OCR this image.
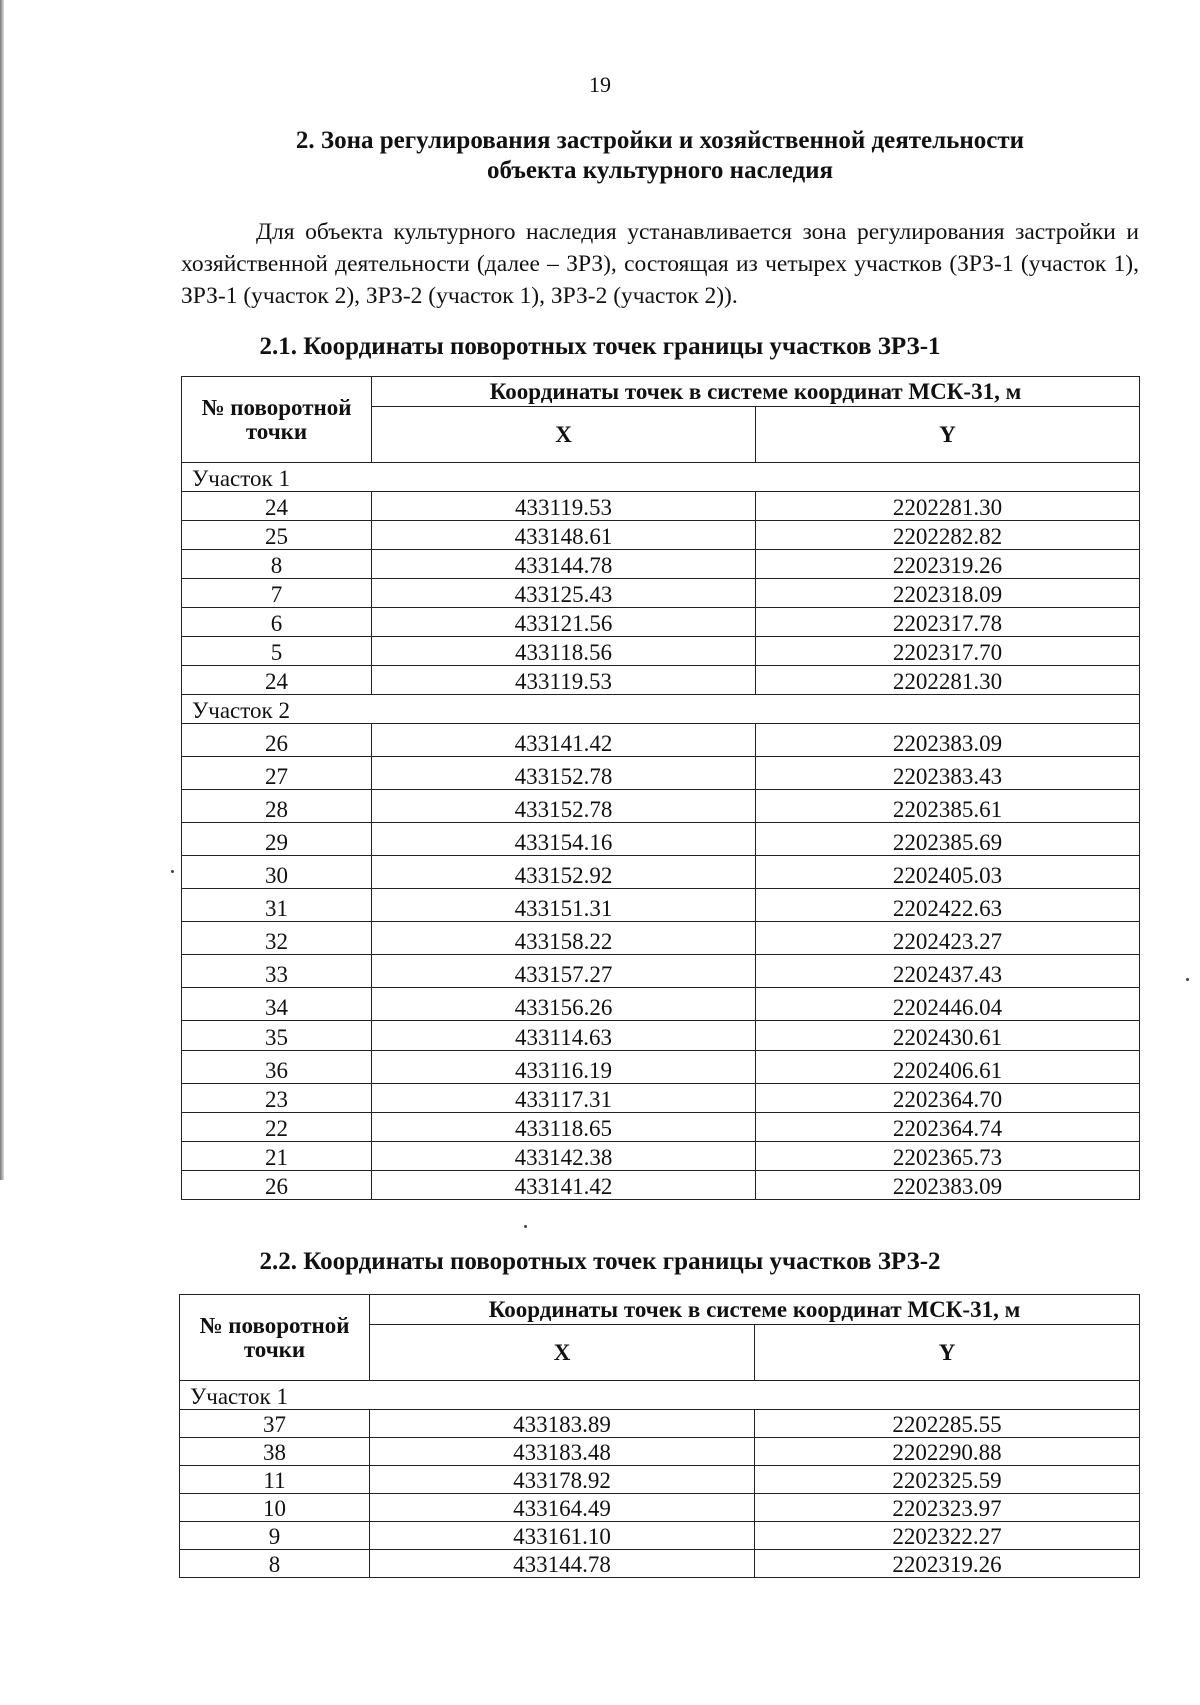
19
2. Зона регулирования застройки и хозяйственной деятельности
объекта культурного наследия

Для объекта культурного наследия устанавливается зона регулирования застройки и хозяйственной деятельности (далее – ЗРЗ), состоящая из четырех участков (ЗРЗ-1 (участок 1), ЗРЗ-1 (участок 2), ЗРЗ-2 (участок 1), ЗРЗ-2 (участок 2)).

2.1. Координаты поворотных точек границы участков ЗРЗ-1
№ поворотной точки	Координаты точек в системе координат МСК-31, м	
	X	Y
Участок 1		
24	433119.53	2202281.30
25	433148.61	2202282.82
8	433144.78	2202319.26
7	433125.43	2202318.09
6	433121.56	2202317.78
5	433118.56	2202317.70
24	433119.53	2202281.30
Участок 2		
26	433141.42	2202383.09
27	433152.78	2202383.43
28	433152.78	2202385.61
29	433154.16	2202385.69
30	433152.92	2202405.03
31	433151.31	2202422.63
32	433158.22	2202423.27
33	433157.27	2202437.43
34	433156.26	2202446.04
35	433114.63	2202430.61
36	433116.19	2202406.61
23	433117.31	2202364.70
22	433118.65	2202364.74
21	433142.38	2202365.73
26	433141.42	2202383.09
2.2. Координаты поворотных точек границы участков ЗРЗ-2
№ поворотной точки	Координаты точек в системе координат МСК-31, м	
	X	Y
Участок 1		
37	433183.89	2202285.55
38	433183.48	2202290.88
11	433178.92	2202325.59
10	433164.49	2202323.97
9	433161.10	2202322.27
8	433144.78	2202319.26
